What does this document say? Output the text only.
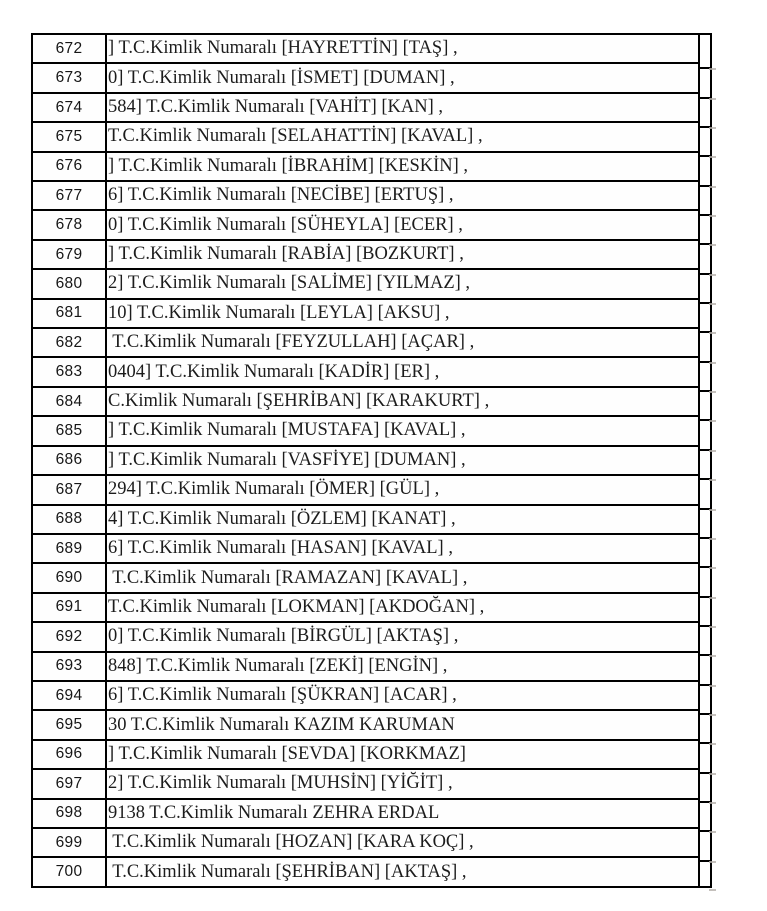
672	] T.C.Kimlik Numaralı [HAYRETTİN] [TAŞ] ,
673	0] T.C.Kimlik Numaralı [İSMET] [DUMAN] ,
674	584] T.C.Kimlik Numaralı [VAHİT] [KAN] ,
675	T.C.Kimlik Numaralı [SELAHATTİN] [KAVAL] ,
676	] T.C.Kimlik Numaralı [İBRAHİM] [KESKİN] ,
677	6] T.C.Kimlik Numaralı [NECİBE] [ERTUŞ] ,
678	0] T.C.Kimlik Numaralı [SÜHEYLA] [ECER] ,
679	] T.C.Kimlik Numaralı [RABİA] [BOZKURT] ,
680	2] T.C.Kimlik Numaralı [SALİME] [YILMAZ] ,
681	10] T.C.Kimlik Numaralı [LEYLA] [AKSU] ,
682	T.C.Kimlik Numaralı [FEYZULLAH] [AÇAR] ,
683	0404] T.C.Kimlik Numaralı [KADİR] [ER] ,
684	C.Kimlik Numaralı [ŞEHRİBAN] [KARAKURT] ,
685	] T.C.Kimlik Numaralı [MUSTAFA] [KAVAL] ,
686	] T.C.Kimlik Numaralı [VASFİYE] [DUMAN] ,
687	294] T.C.Kimlik Numaralı [ÖMER] [GÜL] ,
688	4] T.C.Kimlik Numaralı [ÖZLEM] [KANAT] ,
689	6] T.C.Kimlik Numaralı [HASAN] [KAVAL] ,
690	T.C.Kimlik Numaralı [RAMAZAN] [KAVAL] ,
691	T.C.Kimlik Numaralı [LOKMAN] [AKDOĞAN] ,
692	0] T.C.Kimlik Numaralı [BİRGÜL] [AKTAŞ] ,
693	848] T.C.Kimlik Numaralı [ZEKİ] [ENGİN] ,
694	6] T.C.Kimlik Numaralı [ŞÜKRAN] [ACAR] ,
695	30 T.C.Kimlik Numaralı KAZIM KARUMAN
696	] T.C.Kimlik Numaralı [SEVDA] [KORKMAZ]
697	2] T.C.Kimlik Numaralı [MUHSİN] [YİĞİT] ,
698	9138 T.C.Kimlik Numaralı ZEHRA ERDAL
699	T.C.Kimlik Numaralı [HOZAN] [KARA KOÇ] ,
700	T.C.Kimlik Numaralı [ŞEHRİBAN] [AKTAŞ] ,
